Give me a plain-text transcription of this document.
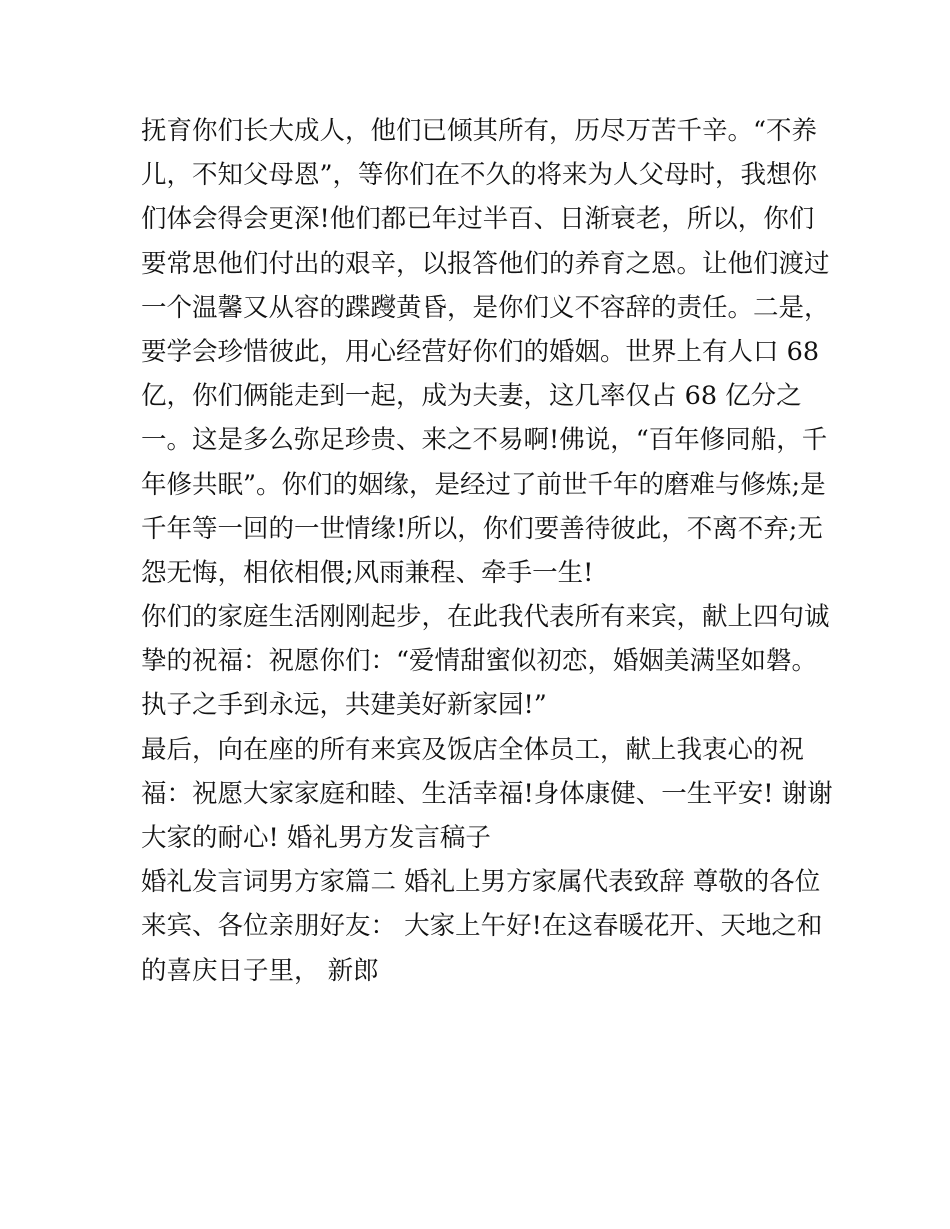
抚育你们长大成人，他们已倾其所有，历尽万苦千辛。“不养
儿，不知父母恩”，等你们在不久的将来为人父母时，我想你
们体会得会更深!他们都已年过半百、日渐衰老，所以，你们
要常思他们付出的艰辛，以报答他们的养育之恩。让他们渡过
一个温馨又从容的蹀躞黄昏，是你们义不容辞的责任。二是，
要学会珍惜彼此，用心经营好你们的婚姻。世界上有人口 68
亿，你们俩能走到一起，成为夫妻，这几率仅占 68 亿分之
一。这是多么弥足珍贵、来之不易啊!佛说，“百年修同船，千
年修共眠”。你们的姻缘，是经过了前世千年的磨难与修炼;是
千年等一回的一世情缘!所以，你们要善待彼此，不离不弃;无
怨无悔，相依相偎;风雨兼程、牵手一生!
你们的家庭生活刚刚起步，在此我代表所有来宾，献上四句诚
挚的祝福：祝愿你们：“爱情甜蜜似初恋，婚姻美满坚如磐。
执子之手到永远，共建美好新家园!”
最后，向在座的所有来宾及饭店全体员工，献上我衷心的祝
福：祝愿大家家庭和睦、生活幸福!身体康健、一生平安! 谢谢
大家的耐心! 婚礼男方发言稿子
婚礼发言词男方家篇二 婚礼上男方家属代表致辞 尊敬的各位
来宾、各位亲朋好友： 大家上午好!在这春暖花开、天地之和
的喜庆日子里， 新郎
